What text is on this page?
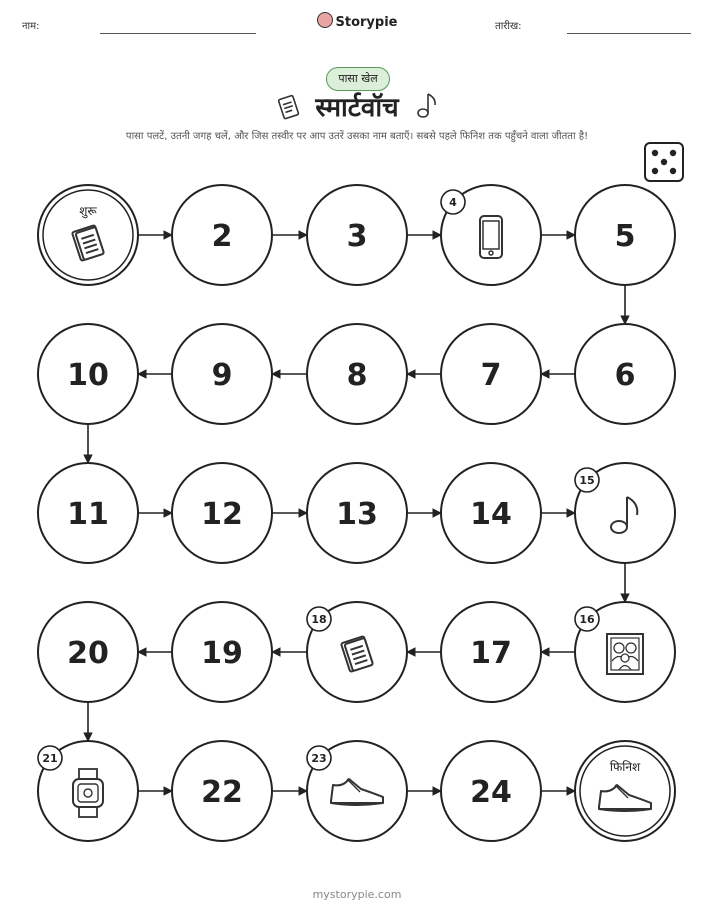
नाम:	Storypie	तारीख:
पासा खेल
स्मार्टवॉच
पासा पलटें, उतनी जगह चलें, और जिस तस्वीर पर आप उतरें उसका नाम बताएँ। सबसे पहले फिनिश तक पहुँचने वाला जीतता है!
शुरू
2	3
4
5
6
7
8
9
10
11	12	13	14
15
16
17
18
19
20
21
22
23
24
फिनिश
mystorypie.com
